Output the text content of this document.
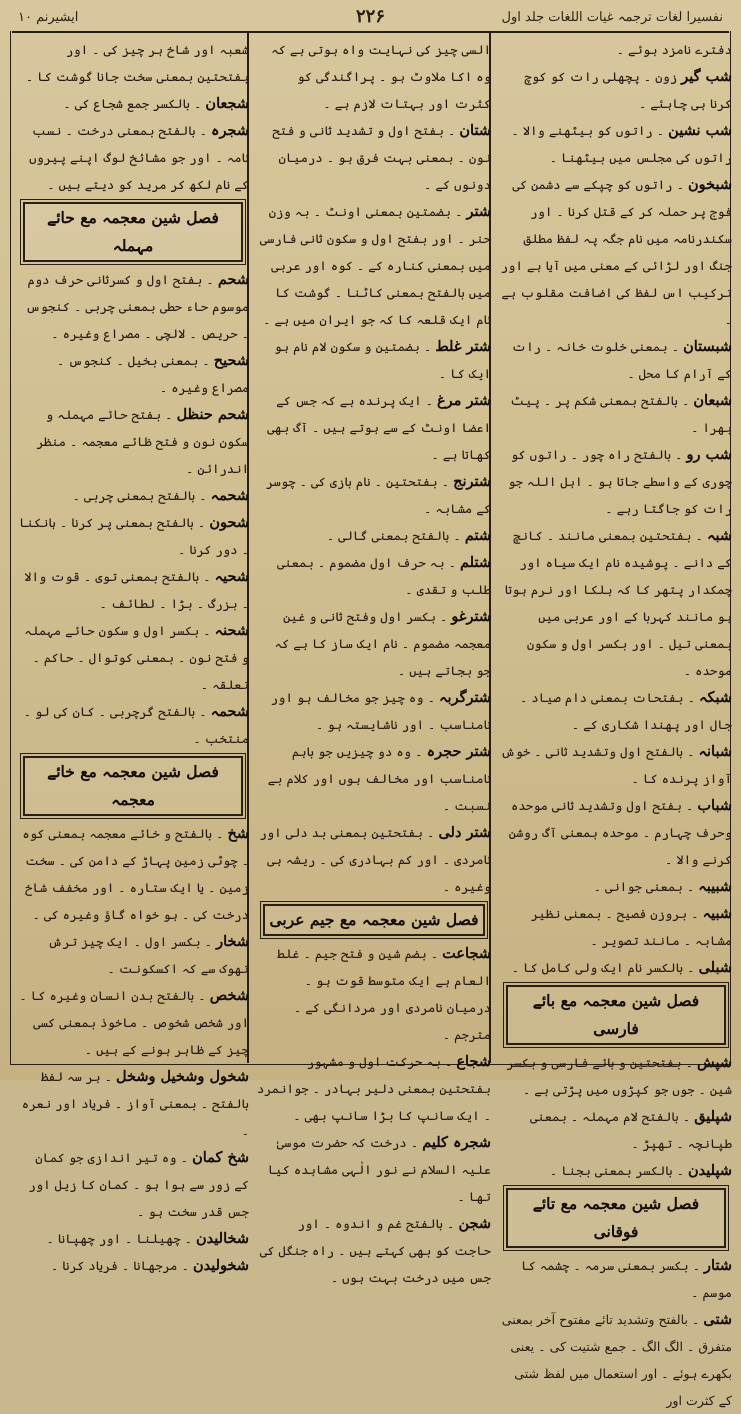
۱۰ ایشیرنم	۲۲۶	نفسیرا لغات ترجمہ غیات اللغات جلد اول
دفترے نامزد ہوئے ۔
شب گیر زون ۔ پچھلی رات کو کوچ کرنا ہی چاہئے ۔
شب نشین ۔ راتوں کو بیٹھنے والا ۔ راتوں کی مجلس میں بیٹھنا ۔
شبخون ۔ راتوں کو چپکے سے دشمن کی فوج پر حملہ کر کے قتل کرنا ۔ اور سکندرنامہ میں نام جگہ پہ لفظ مطلق جنگ اور لڑائی کے معنی میں آیا ہے اور ترکیب اس لفظ کی اضافت مقلوب ہے ۔
شبستان ۔ بمعنی خلوت خانہ ۔ رات کے آرام کا محل ۔
شبعان ۔ بالفتح بمعنی شکم پر ۔ پیٹ بھرا ۔
شب رو ۔ بالفتح راہ چور ۔ راتوں کو چوری کے واسطے جاتا ہو ۔ اہل اللہ جو رات کو جاگتا رہے ۔
شبہ ۔ بفتحتین بمعنی مانند ۔ کانچ کے دانے ۔ پوشیدہ نام ایک سیاہ اور چمکدار پتھر کا کہ ہلکا اور نرم ہوتا ہو مانند کہربا کے اور عربی میں بمعنی تیل ۔ اور بکسر اول و سکون موحدہ ۔
شبکہ ۔ بفتحات بمعنی دام صیاد ۔ جال اور پھندا شکاری کے ۔
شبانہ ۔ بالفتح اول وتشدید ثانی ۔ خوش آواز پرندہ کا ۔
شباب ۔ بفتح اول وتشدید ثانی موحدہ وحرف چہارم ۔ موحدہ بمعنی آگ روشن کرنے والا ۔
شبیبہ ۔ بمعنی جوانی ۔
شبیہ ۔ بروزن فصیح ۔ بمعنی نظیر مشابہ ۔ مانند تصویر ۔
شبلی ۔ بالکسر نام ایک ولی کامل کا ۔
فصل شین معجمہ مع بائے فارسی
شپش ۔ بفتحتین و بائے فارسی و بکسر شین ۔ جوں جو کپڑوں میں پڑتی ہے ۔
شپلیق ۔ بالفتح لام مہملہ ۔ بمعنی طپانچہ ۔ تھپڑ ۔
شپلیدن ۔ بالکسر بمعنی بجنا ۔
فصل شین معجمہ مع تائے فوقانی
شتار ۔ بکسر بمعنی سرمہ ۔ چشمہ کا موسم ۔
شتی ۔ بالفتح وتشدید تائے مفتوح آخر بمعنی متفرق ۔ الگ الگ ۔ جمع شتیت کی ۔ یعنی بکھرے ہوئے ۔ اور استعمال میں لفظ شتی کے کثرت اور
السی چیز کی نہایت واہ ہوتی ہے کہ وہ اکا ملاوٹ ہو ۔ پراگندگی کو کثرت اور بہتات لازم ہے ۔
شتان ۔ بفتح اول و تشدید ثانی و فتح نون ۔ بمعنی بہت فرق ہو ۔ درمیان دونوں کے ۔
شتر ۔ بضمتین بمعنی اونٹ ۔ بہ وزن حنر ۔ اور بفتح اول و سکون ثانی فارسی میں بمعنی کنارہ کے ۔ کوہ اور عربی میں بالفتح بمعنی کاٹنا ۔ گوشت کا نام ایک قلعہ کا کہ جو ایران میں ہے ۔
شتر غلط ۔ بضمتین و سکون لام نام ہو ایک کا ۔
شتر مرغ ۔ ایک پرندہ ہے کہ جس کے اعضا اونٹ کے سے ہوتے ہیں ۔ آگ بھی کھاتا ہے ۔
شترنج ۔ بفتحتین ۔ نام بازی کی ۔ چوسر کے مشابہ ۔
شتم ۔ بالفتح بمعنی گالی ۔
شتلم ۔ بہ حرف اول مضموم ۔ بمعنی طلب و تقدی ۔
شترغو ۔ بکسر اول وفتح ثانی و غین معجمہ مضموم ۔ نام ایک ساز کا ہے کہ جو بجاتے ہیں ۔
شترگربہ ۔ وہ چیز جو مخالف ہو اور نامناسب ۔ اور ناشایستہ ہو ۔
شتر حجرہ ۔ وہ دو چیزیں جو باہم نامناسب اور مخالف ہوں اور کلام بے نسبت ۔
شتر دلی ۔ بفتحتین بمعنی بد دلی اور نامردی ۔ اور کم بہادری کی ۔ ریشہ ہی وغیرہ ۔
فصل شین معجمہ مع جیم عربی
شجاعت ۔ بضم شین و فتح جیم ۔ غلط العام ہے ایک متوسط قوت ہو ۔ درمیان نامردی اور مردانگی کے ۔ مترجم ۔
شجاع ۔ بہ حرکت اول و مشہور بفتحتین بمعنی دلیر بہادر ۔ جوانمرد ۔ ایک سانپ کا بڑا سانپ بھی ۔
شجرہ کلیم ۔ درخت کہ حضرت موسیٰ علیہ السلام نے نور الٰہی مشاہدہ کیا تھا ۔
شجن ۔ بالفتح غم و اندوہ ۔ اور حاجت کو بھی کہتے ہیں ۔ راہ جنگل کی جس میں درخت بہت ہوں ۔
شعبہ اور شاخ ہر چیز کی ۔ اور بفتحتین بمعنی سخت جانا گوشت کا ۔
شجعان ۔ بالکسر جمع شجاع کی ۔
شجرہ ۔ بالفتح بمعنی درخت ۔ نسب نامہ ۔ اور جو مشائخ لوگ اپنے پیروں کے نام لکھ کر مرید کو دیتے ہیں ۔
فصل شین معجمہ مع حائے مہملہ
شحم ۔ بفتح اول و کسرثانی حرف دوم موسوم حاء حطی بمعنی چربی ۔ کنجوس ۔ حریص ۔ لالچی ۔ مصراع وغیرہ ۔
شحیح ۔ بمعنی بخیل ۔ کنجوس ۔ مصراع وغیرہ ۔
شحم حنظل ۔ بفتح حائے مہملہ و سکون نون و فتح ظائے معجمہ ۔ منظر اندرائن ۔
شحمہ ۔ بالفتح بمعنی چربی ۔
شحون ۔ بالفتح بمعنی پر کرنا ۔ ہانکنا ۔ دور کرنا ۔
شحیہ ۔ بالفتح بمعنی توی ۔ قوت والا ۔ بزرگ ۔ بڑا ۔ لطائف ۔
شحنہ ۔ بکسر اول و سکون حائے مہملہ و فتح نون ۔ بمعنی کوتوال ۔ حاکم ۔ تعلقہ ۔
شحمہ ۔ بالفتح گرچربی ۔ کان کی لو ۔ منتخب ۔
فصل شین معجمہ مع خائے معجمہ
شخ ۔ بالفتح و خائے معجمہ بمعنی کوہ ۔ چوٹی زمین پہاڑ کے دامن کی ۔ سخت زمین ۔ یا ایک ستارہ ۔ اور مخفف شاخ درخت کی ۔ ہو خواہ گاؤ وغیرہ کی ۔
شخار ۔ بکسر اول ۔ ایک چیز ترش تھوک سے کہ اکسکونت ۔
شخص ۔ بالفتح بدن انسان وغیرہ کا ۔ اور شخص شخوص ۔ ماخوذ بمعنی کسی چیز کے ظاہر ہونے کے ہیں ۔
شخول وشخیل وشخل ۔ ہر سہ لفظ بالفتح ۔ بمعنی آواز ۔ فریاد اور نعرہ ۔
شخ کمان ۔ وہ تیر اندازی جو کمان کے زور سے ہوا ہو ۔ کمان کا زیل اور جس قدر سخت ہو ۔
شخالیدن ۔ چھیلنا ۔ اور چھپانا ۔
شخولیدن ۔ مرجھانا ۔ فریاد کرنا ۔
